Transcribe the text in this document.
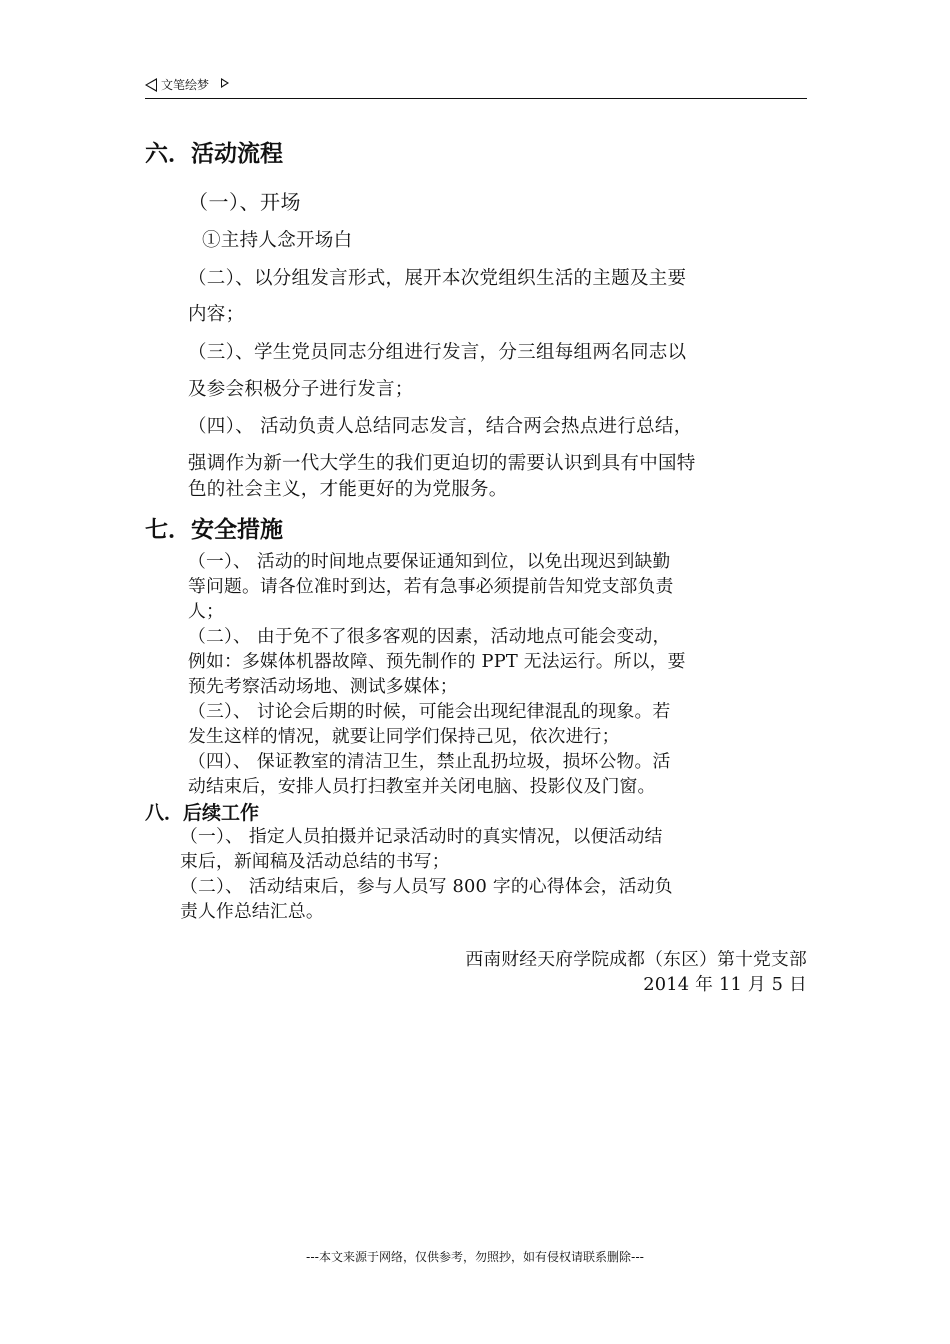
文笔绘梦
六．活动流程
（一）、开场
①主持人念开场白
（二）、以分组发言形式，展开本次党组织生活的主题及主要
内容；
（三）、学生党员同志分组进行发言，分三组每组两名同志以
及参会积极分子进行发言；
（四）、 活动负责人总结同志发言，结合两会热点进行总结，
强调作为新一代大学生的我们更迫切的需要认识到具有中国特
色的社会主义，才能更好的为党服务。
七．安全措施
（一）、 活动的时间地点要保证通知到位，以免出现迟到缺勤
等问题。请各位准时到达，若有急事必须提前告知党支部负责
人；
（二）、 由于免不了很多客观的因素，活动地点可能会变动，
例如：多媒体机器故障、预先制作的 PPT 无法运行。所以，要
预先考察活动场地、测试多媒体；
（三）、 讨论会后期的时候，可能会出现纪律混乱的现象。若
发生这样的情况，就要让同学们保持己见，依次进行；
（四）、 保证教室的清洁卫生，禁止乱扔垃圾，损坏公物。活
动结束后，安排人员打扫教室并关闭电脑、投影仪及门窗。
八．后续工作
（一）、 指定人员拍摄并记录活动时的真实情况，以便活动结
束后，新闻稿及活动总结的书写；
（二）、 活动结束后，参与人员写 800 字的心得体会，活动负
责人作总结汇总。
西南财经天府学院成都（东区）第十党支部
2014 年 11 月 5 日
---本文来源于网络，仅供参考，勿照抄，如有侵权请联系删除---
